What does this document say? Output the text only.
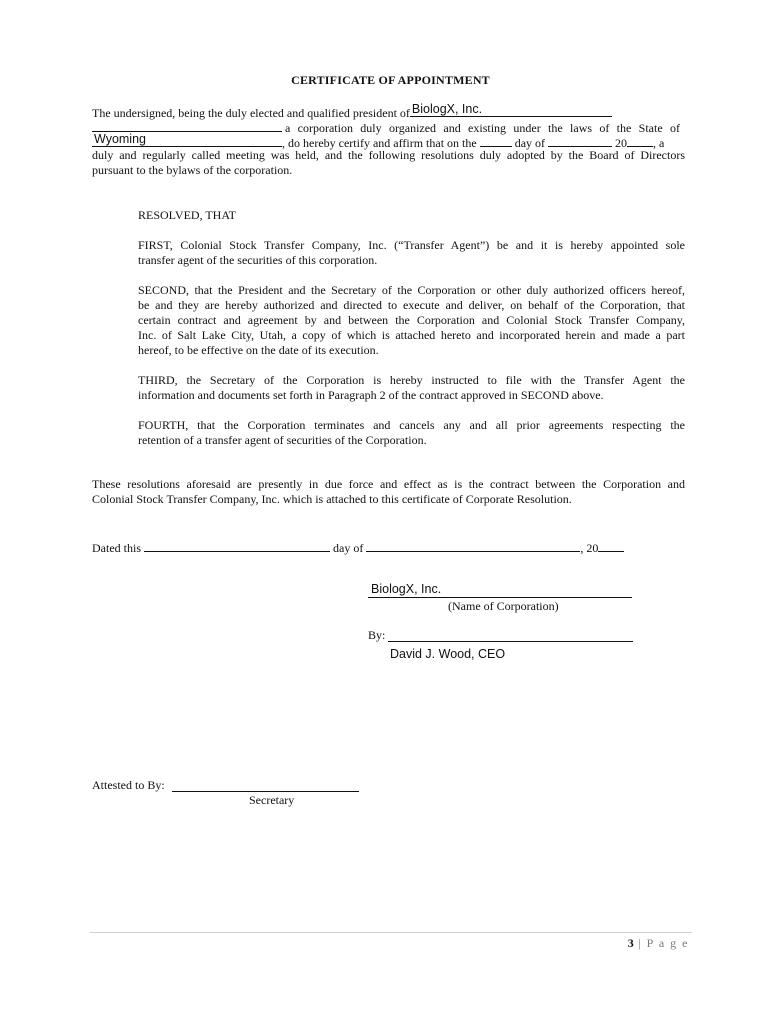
CERTIFICATE OF APPOINTMENT
The undersigned, being the duly elected and qualified president of BiologX, Inc.
a corporation duly organized and existing under the laws of the State of
Wyoming	, do hereby certify and affirm that on the	day of	20 , a
duly and regularly called meeting was held, and the following resolutions duly adopted by the Board of Directors
pursuant to the bylaws of the corporation.
RESOLVED, THAT
FIRST, Colonial Stock Transfer Company, Inc. (“Transfer Agent”) be and it is hereby appointed sole
transfer agent of the securities of this corporation.
SECOND, that the President and the Secretary of the Corporation or other duly authorized officers hereof,
be and they are hereby authorized and directed to execute and deliver, on behalf of the Corporation, that
certain contract and agreement by and between the Corporation and Colonial Stock Transfer Company,
Inc. of Salt Lake City, Utah, a copy of which is attached hereto and incorporated herein and made a part
hereof, to be effective on the date of its execution.
THIRD, the Secretary of the Corporation is hereby instructed to file with the Transfer Agent the
information and documents set forth in Paragraph 2 of the contract approved in SECOND above.
FOURTH, that the Corporation terminates and cancels any and all prior agreements respecting the
retention of a transfer agent of securities of the Corporation.
These resolutions aforesaid are presently in due force and effect as is the contract between the Corporation and
Colonial Stock Transfer Company, Inc. which is attached to this certificate of Corporate Resolution.
Dated this	day of	, 20
BiologX, Inc.
(Name of Corporation)
By:
David J. Wood, CEO
Attested to By:
Secretary
3 | P a g e
